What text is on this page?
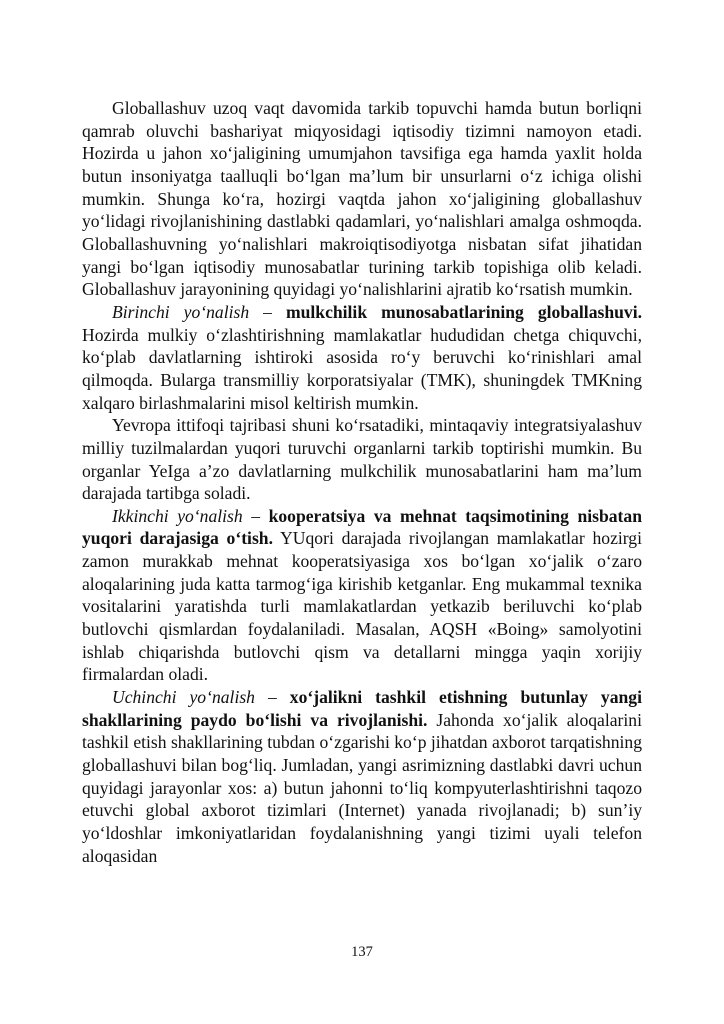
Globallashuv uzoq vaqt davomida tarkib topuvchi hamda butun borliqni qamrab oluvchi bashariyat miqyosidagi iqtisodiy tizimni namoyon etadi. Hozirda u jahon xo‘jaligining umumjahon tavsifiga ega hamda yaxlit holda butun insoniyatga taalluqli bo‘lgan ma’lum bir unsurlarni o‘z ichiga olishi mumkin. Shunga ko‘ra, hozirgi vaqtda jahon xo‘jaligining globallashuv yo‘lidagi rivojlanishining dastlabki qadamlari, yo‘nalishlari amalga oshmoqda. Globallashuvning yo‘nalishlari makroiqtisodiyotga nisbatan sifat jihatidan yangi bo‘lgan iqtisodiy munosabatlar turining tarkib topishiga olib keladi. Globallashuv jarayonining quyidagi yo‘nalishlarini ajratib ko‘rsatish mumkin.

Birinchi yo‘nalish – mulkchilik munosabatlarining globallashuvi. Hozirda mulkiy o‘zlashtirishning mamlakatlar hududidan chetga chiquvchi, ko‘plab davlatlarning ishtiroki asosida ro‘y beruvchi ko‘rinishlari amal qilmoqda. Bularga transmilliy korporatsiyalar (TMK), shuningdek TMKning xalqaro birlashmalarini misol keltirish mumkin.

Yevropa ittifoqi tajribasi shuni ko‘rsatadiki, mintaqaviy integratsiyalashuv milliy tuzilmalardan yuqori turuvchi organlarni tarkib toptirishi mumkin. Bu organlar YeIga a’zo davlatlarning mulkchilik munosabatlarini ham ma’lum darajada tartibga soladi.

Ikkinchi yo‘nalish – kooperatsiya va mehnat taqsimotining nisbatan yuqori darajasiga o‘tish. YUqori darajada rivojlangan mamlakatlar hozirgi zamon murakkab mehnat kooperatsiyasiga xos bo‘lgan xo‘jalik o‘zaro aloqalarining juda katta tarmog‘iga kirishib ketganlar. Eng mukammal texnika vositalarini yaratishda turli mamlakatlardan yetkazib beriluvchi ko‘plab butlovchi qismlardan foydalaniladi. Masalan, AQSH «Boing» samolyotini ishlab chiqarishda butlovchi qism va detallarni mingga yaqin xorijiy firmalardan oladi.

Uchinchi yo‘nalish – xo‘jalikni tashkil etishning butunlay yangi shakllarining paydo bo‘lishi va rivojlanishi. Jahonda xo‘jalik aloqalarini tashkil etish shakllarining tubdan o‘zgarishi ko‘p jihatdan axborot tarqatishning globallashuvi bilan bog‘liq. Jumladan, yangi asrimizning dastlabki davri uchun quyidagi jarayonlar xos: a) butun jahonni to‘liq kompyuterlashtirishni taqozo etuvchi global axborot tizimlari (Internet) yanada rivojlanadi; b) sun’iy yo‘ldoshlar imkoniyatlaridan foydalanishning yangi tizimi uyali telefon aloqasidan

137
